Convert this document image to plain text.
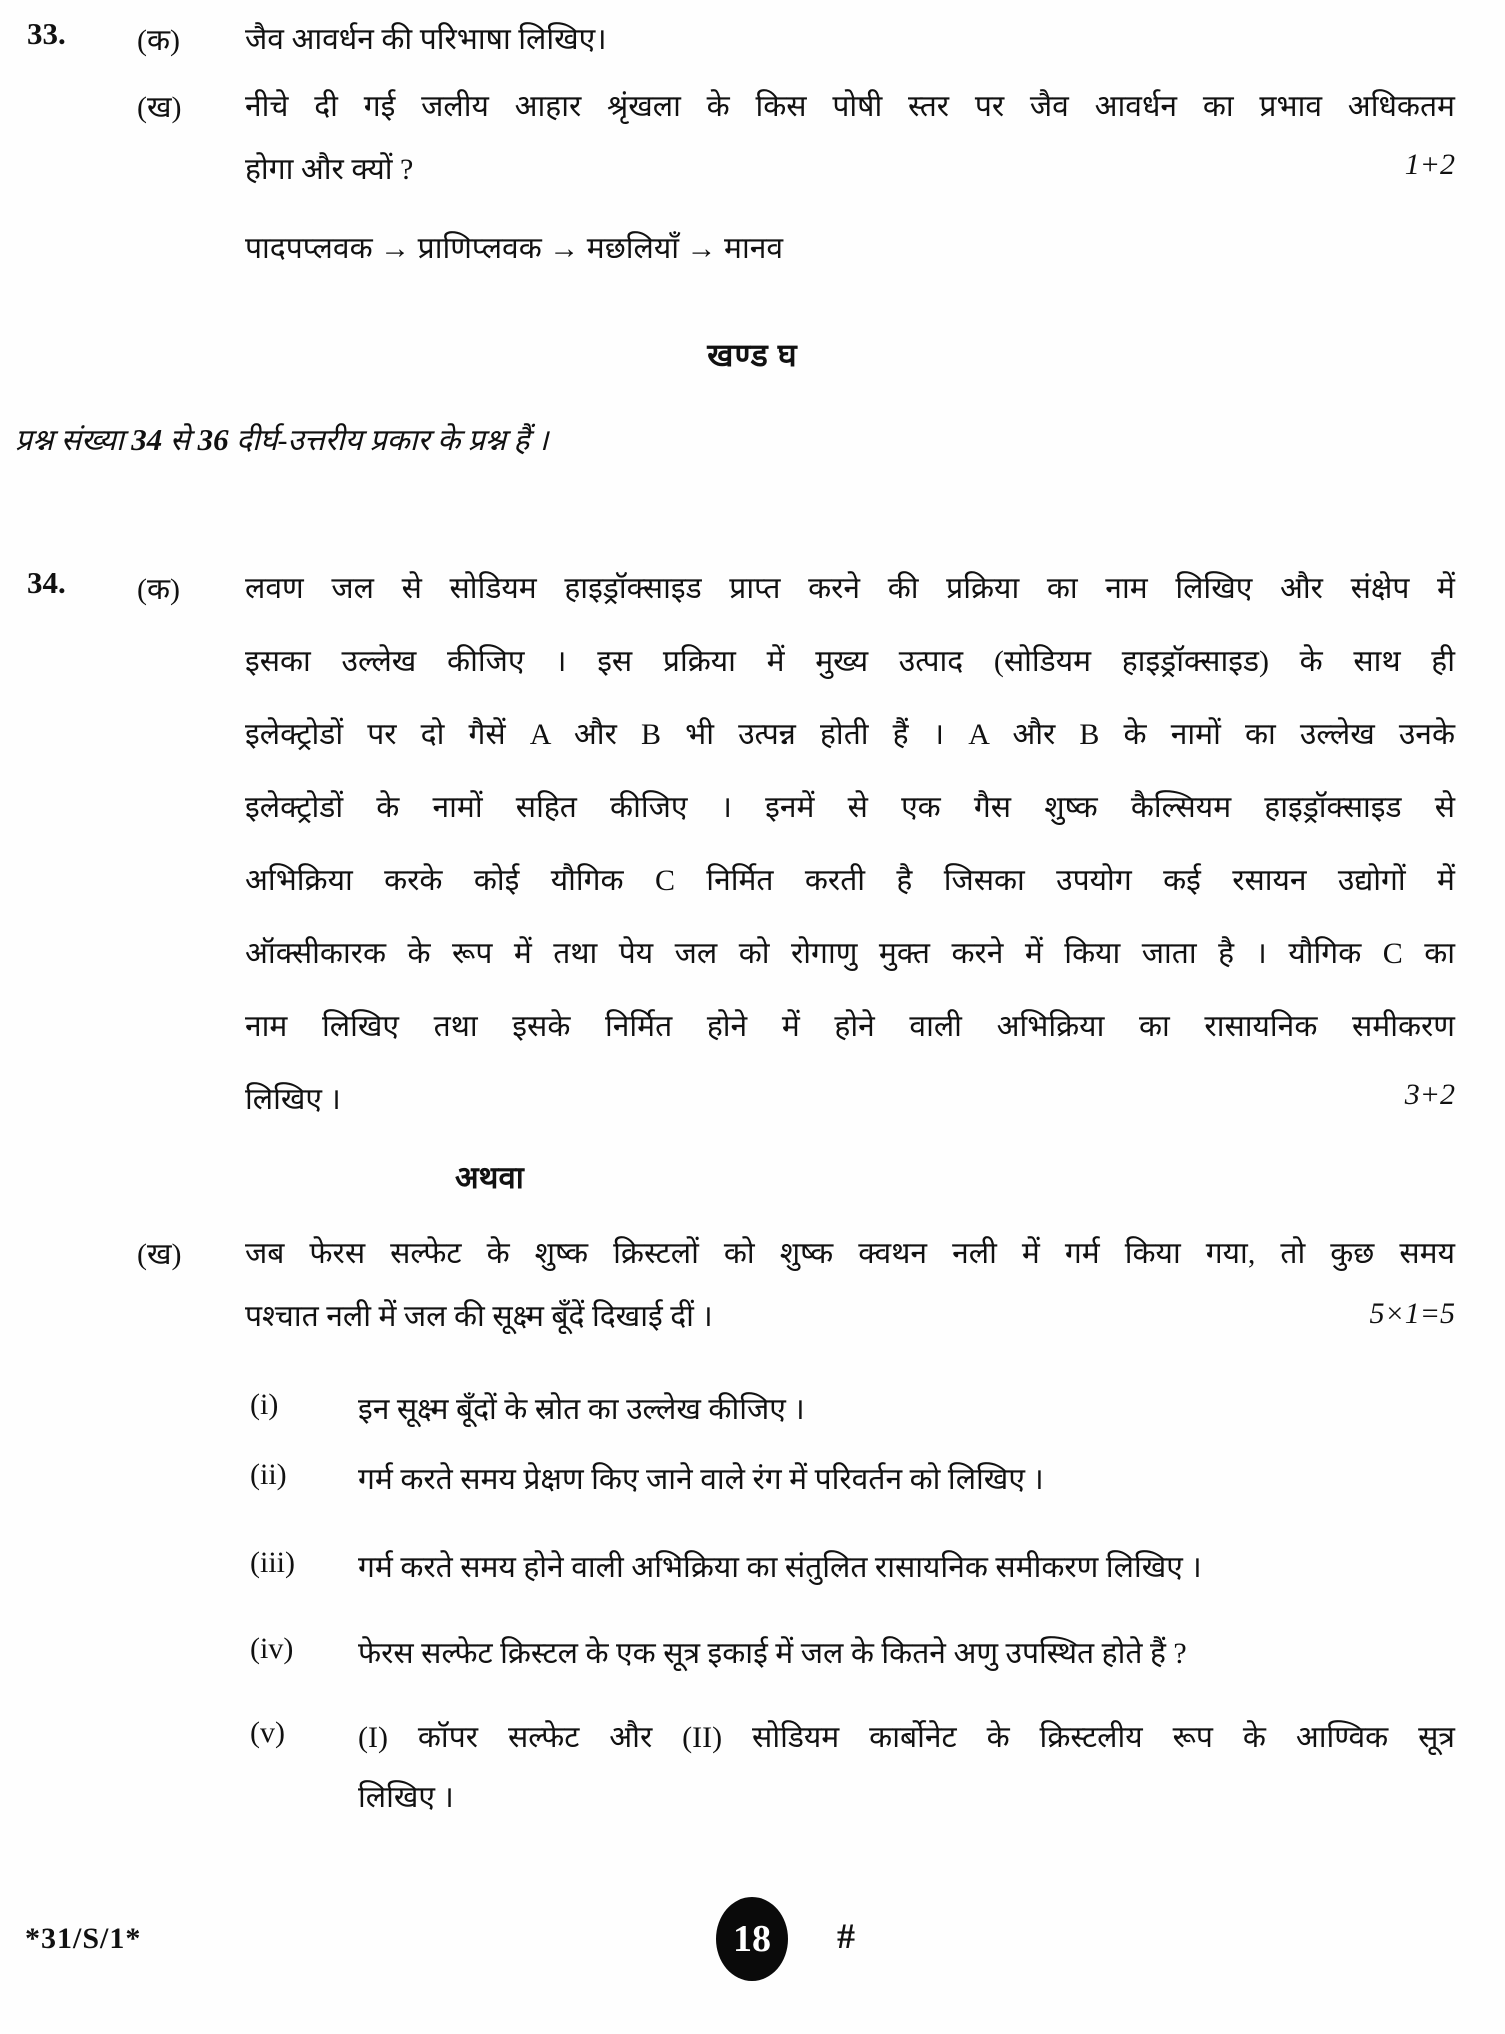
33. (क) जैव आवर्धन की परिभाषा लिखिए।
(ख) नीचे दी गई जलीय आहार श्रृंखला के किस पोषी स्तर पर जैव आवर्धन का प्रभाव अधिकतम
होगा और क्यों ?	1+2
पादपप्लवक → प्राणिप्लवक → मछलियाँ → मानव
खण्ड घ
प्रश्न संख्या 34 से 36 दीर्घ-उत्तरीय प्रकार के प्रश्न हैं ।
34. (क) लवण जल से सोडियम हाइड्रॉक्साइड प्राप्त करने की प्रक्रिया का नाम लिखिए और संक्षेप में
इसका उल्लेख कीजिए । इस प्रक्रिया में मुख्य उत्पाद (सोडियम हाइड्रॉक्साइड) के साथ ही
इलेक्ट्रोडों पर दो गैसें A और B भी उत्पन्न होती हैं । A और B के नामों का उल्लेख उनके
इलेक्ट्रोडों के नामों सहित कीजिए । इनमें से एक गैस शुष्क कैल्सियम हाइड्रॉक्साइड से
अभिक्रिया करके कोई यौगिक C निर्मित करती है जिसका उपयोग कई रसायन उद्योगों में
ऑक्सीकारक के रूप में तथा पेय जल को रोगाणु मुक्त करने में किया जाता है । यौगिक C का
नाम लिखिए तथा इसके निर्मित होने में होने वाली अभिक्रिया का रासायनिक समीकरण
लिखिए ।	3+2
अथवा
(ख) जब फेरस सल्फेट के शुष्क क्रिस्टलों को शुष्क क्वथन नली में गर्म किया गया, तो कुछ समय
पश्चात नली में जल की सूक्ष्म बूँदें दिखाई दीं ।	5×1=5
(i)	इन सूक्ष्म बूँदों के स्रोत का उल्लेख कीजिए ।
(ii) गर्म करते समय प्रेक्षण किए जाने वाले रंग में परिवर्तन को लिखिए ।
(iii) गर्म करते समय होने वाली अभिक्रिया का संतुलित रासायनिक समीकरण लिखिए ।
(iv) फेरस सल्फेट क्रिस्टल के एक सूत्र इकाई में जल के कितने अणु उपस्थित होते हैं ?
(v) (I) कॉपर सल्फेट और (II) सोडियम कार्बोनेट के क्रिस्टलीय रूप के आण्विक सूत्र
लिखिए ।
*31/S/1*	18 #
